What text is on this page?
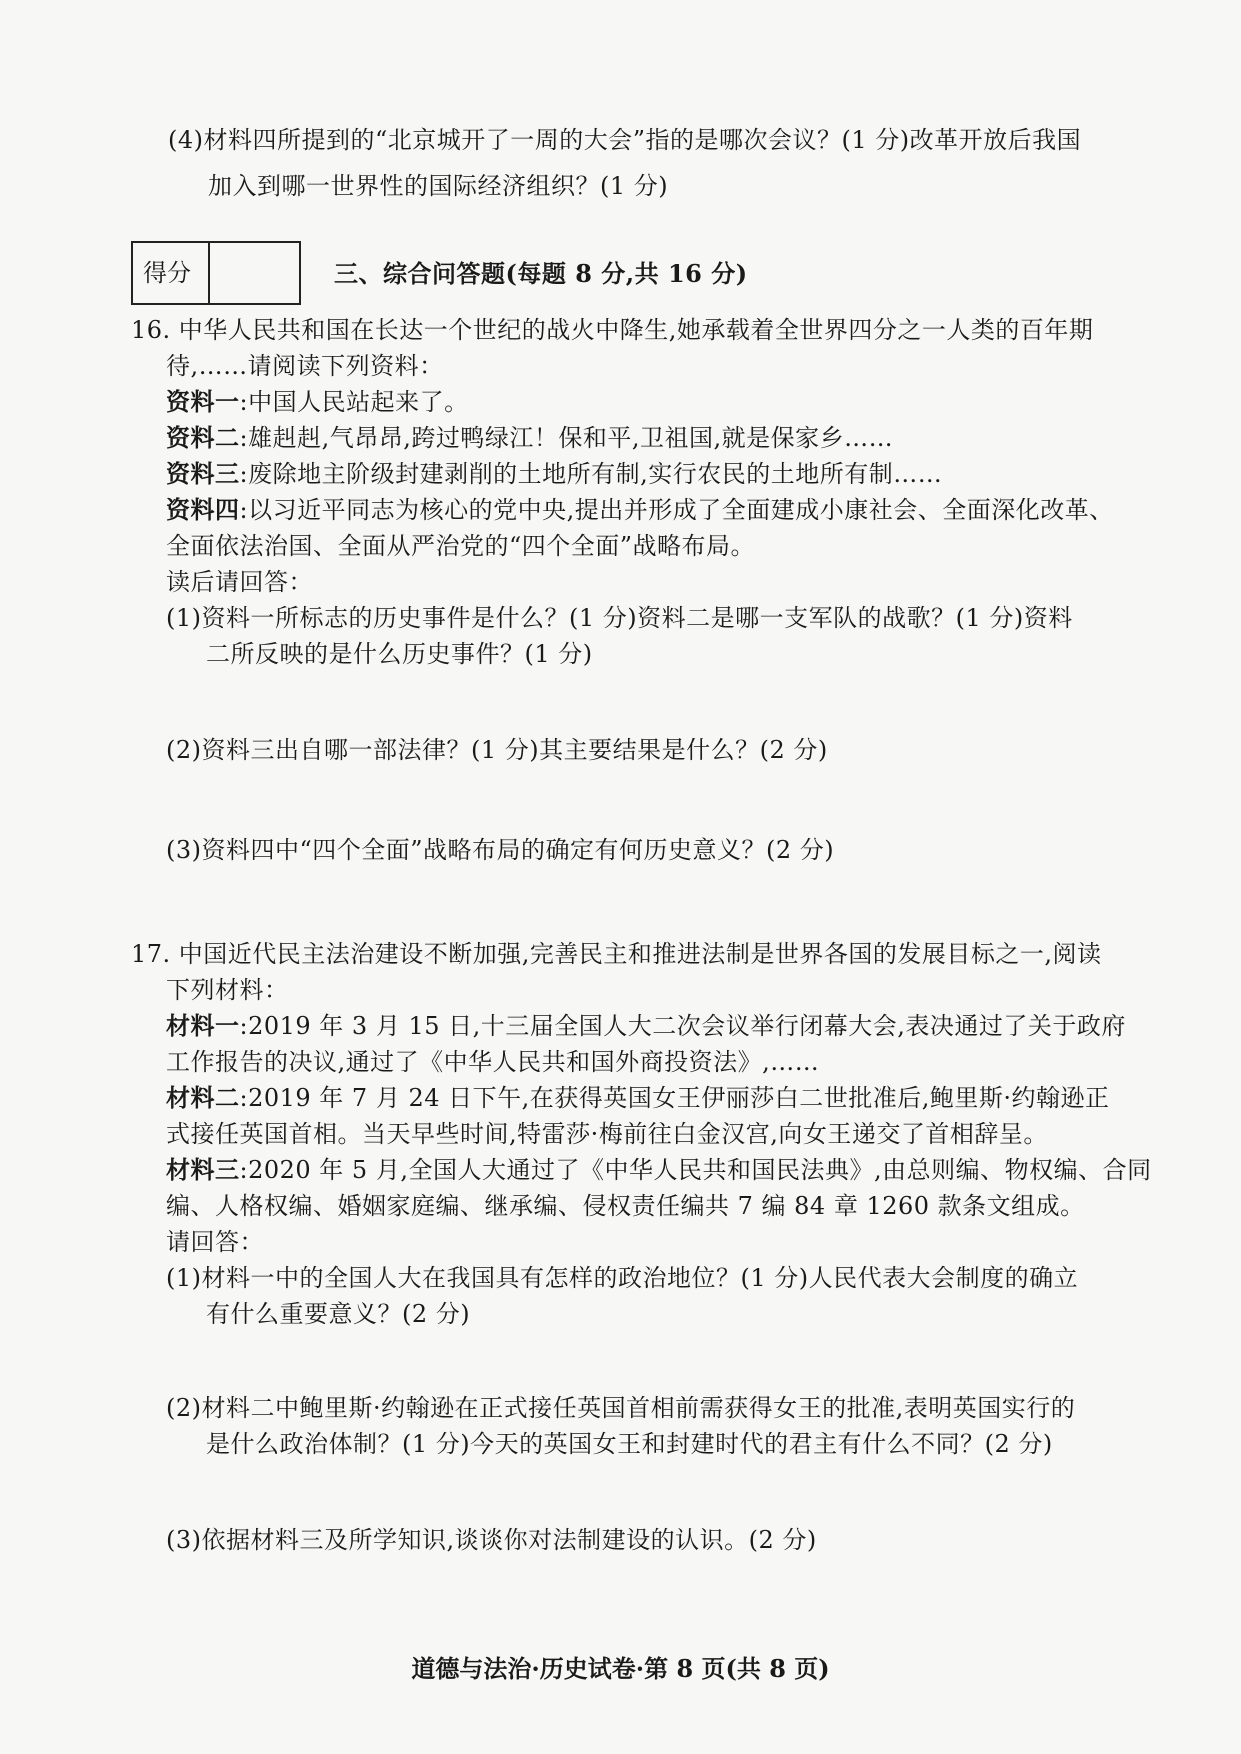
(4)材料四所提到的“北京城开了一周的大会”指的是哪次会议？(1 分)改革开放后我国
加入到哪一世界性的国际经济组织？(1 分)
得分	三、综合问答题(每题 8 分,共 16 分)
16. 中华人民共和国在长达一个世纪的战火中降生,她承载着全世界四分之一人类的百年期
待,……请阅读下列资料：
资料一:中国人民站起来了。
资料二:雄赳赳,气昂昂,跨过鸭绿江！保和平,卫祖国,就是保家乡……
资料三:废除地主阶级封建剥削的土地所有制,实行农民的土地所有制……
资料四:以习近平同志为核心的党中央,提出并形成了全面建成小康社会、全面深化改革、
全面依法治国、全面从严治党的“四个全面”战略布局。
读后请回答：
(1)资料一所标志的历史事件是什么？(1 分)资料二是哪一支军队的战歌？(1 分)资料
二所反映的是什么历史事件？(1 分)
(2)资料三出自哪一部法律？(1 分)其主要结果是什么？(2 分)
(3)资料四中“四个全面”战略布局的确定有何历史意义？(2 分)
17. 中国近代民主法治建设不断加强,完善民主和推进法制是世界各国的发展目标之一,阅读
下列材料：
材料一:2019 年 3 月 15 日,十三届全国人大二次会议举行闭幕大会,表决通过了关于政府
工作报告的决议,通过了《中华人民共和国外商投资法》,……
材料二:2019 年 7 月 24 日下午,在获得英国女王伊丽莎白二世批准后,鲍里斯·约翰逊正
式接任英国首相。当天早些时间,特雷莎·梅前往白金汉宫,向女王递交了首相辞呈。
材料三:2020 年 5 月,全国人大通过了《中华人民共和国民法典》,由总则编、物权编、合同
编、人格权编、婚姻家庭编、继承编、侵权责任编共 7 编 84 章 1260 款条文组成。
请回答：
(1)材料一中的全国人大在我国具有怎样的政治地位？(1 分)人民代表大会制度的确立
有什么重要意义？(2 分)
(2)材料二中鲍里斯·约翰逊在正式接任英国首相前需获得女王的批准,表明英国实行的
是什么政治体制？(1 分)今天的英国女王和封建时代的君主有什么不同？(2 分)
(3)依据材料三及所学知识,谈谈你对法制建设的认识。(2 分)
道德与法治·历史试卷·第 8 页(共 8 页)
